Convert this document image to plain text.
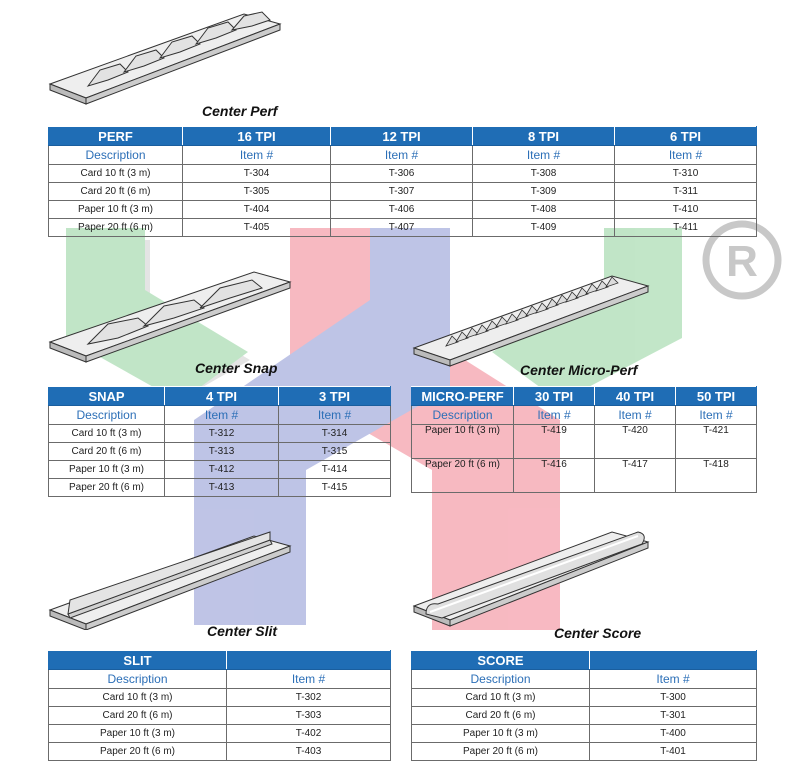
R
Center Perf
PERF	16 TPI	12 TPI	8 TPI	6 TPI
Description	Item #	Item #	Item #	Item #
Card 10 ft (3 m)	T-304	T-306	T-308	T-310
Card 20 ft (6 m)	T-305	T-307	T-309	T-311
Paper 10 ft (3 m)	T-404	T-406	T-408	T-410
Paper 20 ft (6 m)	T-405	T-407	T-409	T-411
Center Snap	Center Micro-Perf
SNAP	4 TPI	3 TPI
Description	Item #	Item #
Card 10 ft (3 m)	T-312	T-314
Card 20 ft (6 m)	T-313	T-315
Paper 10 ft (3 m)	T-412	T-414
Paper 20 ft (6 m)	T-413	T-415
MICRO-PERF	30 TPI	40 TPI	50 TPI
Description	Item #	Item #	Item #
Paper 10 ft (3 m)	T-419	T-420	T-421
Paper 20 ft (6 m)	T-416	T-417	T-418
Center Slit	Center Score
SLIT	
Description	Item #
Card 10 ft (3 m)	T-302
Card 20 ft (6 m)	T-303
Paper 10 ft (3 m)	T-402
Paper 20 ft (6 m)	T-403
SCORE	
Description	Item #
Card 10 ft (3 m)	T-300
Card 20 ft (6 m)	T-301
Paper 10 ft (3 m)	T-400
Paper 20 ft (6 m)	T-401
